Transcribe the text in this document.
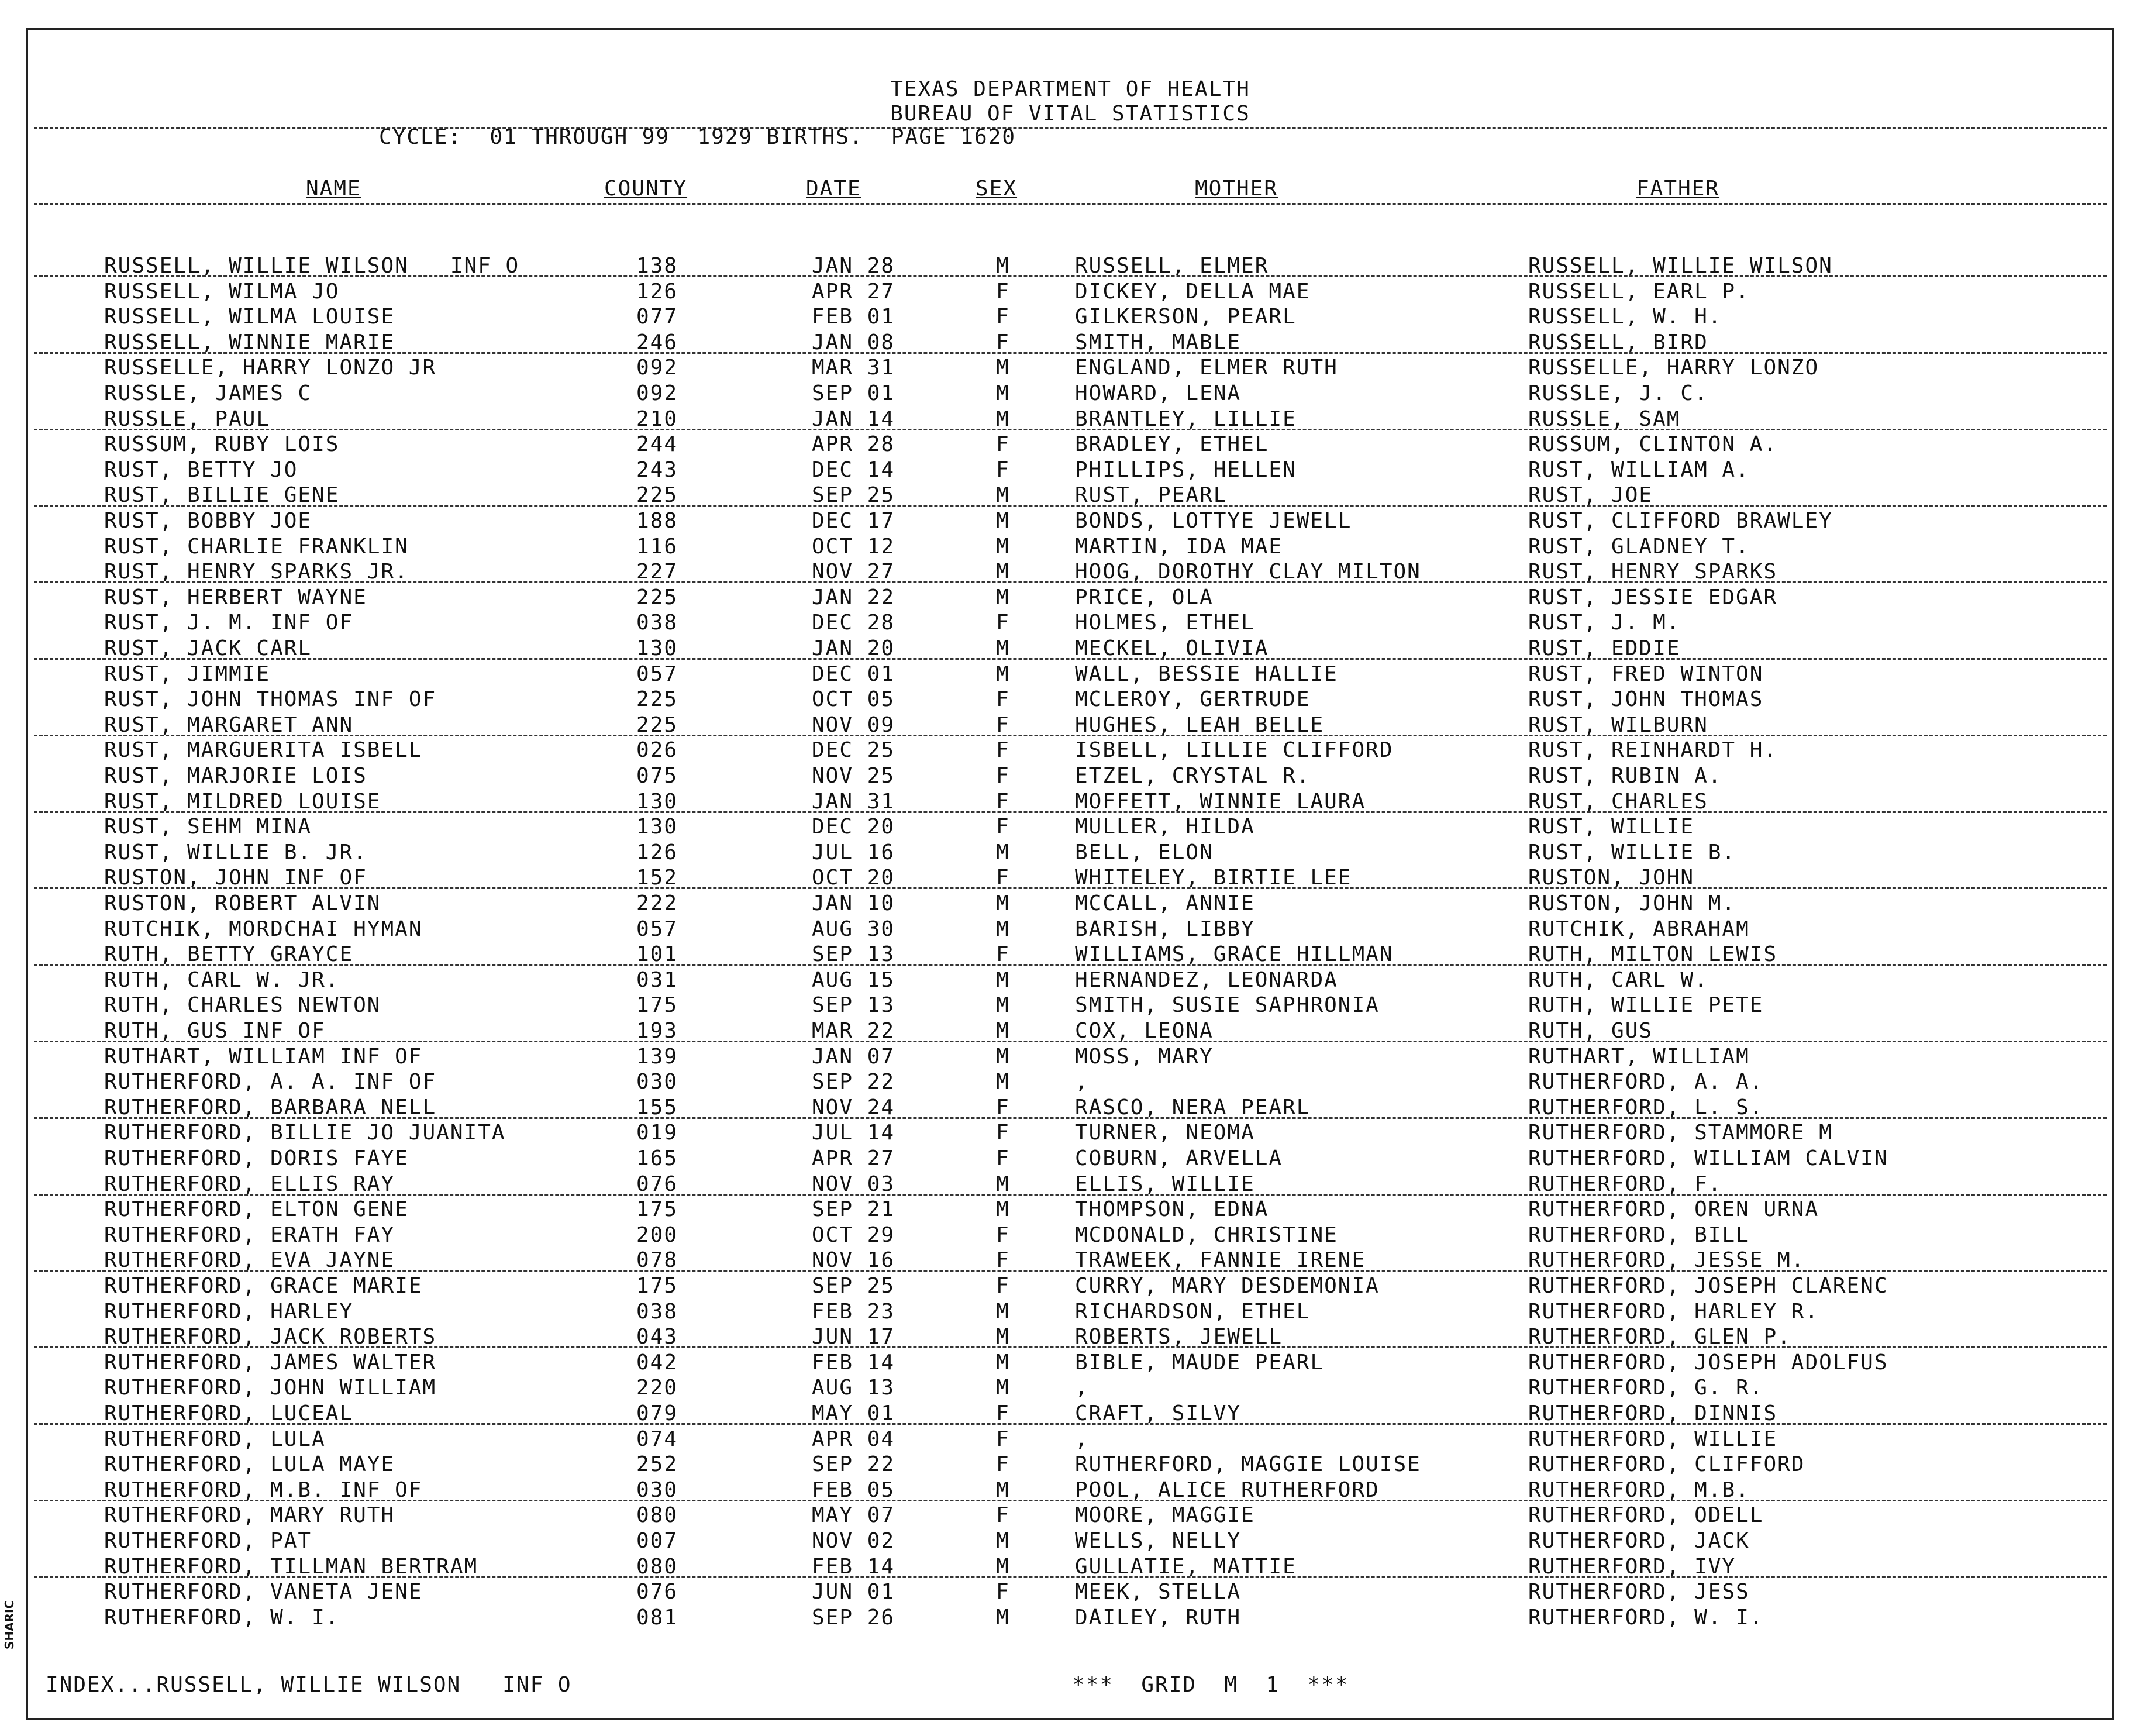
TEXAS DEPARTMENT OF HEALTH
BUREAU OF VITAL STATISTICS
CYCLE:  01 THROUGH 99  1929 BIRTHS.  PAGE 1620
NAME	COUNTY	DATE	SEX	MOTHER	FATHER
RUSSELL, WILLIE WILSON   INF O	138	JAN 28	M	RUSSELL, ELMER	RUSSELL, WILLIE WILSON
RUSSELL, WILMA JO	126	APR 27	F	DICKEY, DELLA MAE	RUSSELL, EARL P.
RUSSELL, WILMA LOUISE	077	FEB 01	F	GILKERSON, PEARL	RUSSELL, W. H.
RUSSELL, WINNIE MARIE	246	JAN 08	F	SMITH, MABLE	RUSSELL, BIRD
RUSSELLE, HARRY LONZO JR	092	MAR 31	M	ENGLAND, ELMER RUTH	RUSSELLE, HARRY LONZO
RUSSLE, JAMES C	092	SEP 01	M	HOWARD, LENA	RUSSLE, J. C.
RUSSLE, PAUL	210	JAN 14	M	BRANTLEY, LILLIE	RUSSLE, SAM
RUSSUM, RUBY LOIS	244	APR 28	F	BRADLEY, ETHEL	RUSSUM, CLINTON A.
RUST, BETTY JO	243	DEC 14	F	PHILLIPS, HELLEN	RUST, WILLIAM A.
RUST, BILLIE GENE	225	SEP 25	M	RUST, PEARL	RUST, JOE
RUST, BOBBY JOE	188	DEC 17	M	BONDS, LOTTYE JEWELL	RUST, CLIFFORD BRAWLEY
RUST, CHARLIE FRANKLIN	116	OCT 12	M	MARTIN, IDA MAE	RUST, GLADNEY T.
RUST, HENRY SPARKS JR.	227	NOV 27	M	HOOG, DOROTHY CLAY MILTON	RUST, HENRY SPARKS
RUST, HERBERT WAYNE	225	JAN 22	M	PRICE, OLA	RUST, JESSIE EDGAR
RUST, J. M. INF OF	038	DEC 28	F	HOLMES, ETHEL	RUST, J. M.
RUST, JACK CARL	130	JAN 20	M	MECKEL, OLIVIA	RUST, EDDIE
RUST, JIMMIE	057	DEC 01	M	WALL, BESSIE HALLIE	RUST, FRED WINTON
RUST, JOHN THOMAS INF OF	225	OCT 05	F	MCLEROY, GERTRUDE	RUST, JOHN THOMAS
RUST, MARGARET ANN	225	NOV 09	F	HUGHES, LEAH BELLE	RUST, WILBURN
RUST, MARGUERITA ISBELL	026	DEC 25	F	ISBELL, LILLIE CLIFFORD	RUST, REINHARDT H.
RUST, MARJORIE LOIS	075	NOV 25	F	ETZEL, CRYSTAL R.	RUST, RUBIN A.
RUST, MILDRED LOUISE	130	JAN 31	F	MOFFETT, WINNIE LAURA	RUST, CHARLES
RUST, SEHM MINA	130	DEC 20	F	MULLER, HILDA	RUST, WILLIE
RUST, WILLIE B. JR.	126	JUL 16	M	BELL, ELON	RUST, WILLIE B.
RUSTON, JOHN INF OF	152	OCT 20	F	WHITELEY, BIRTIE LEE	RUSTON, JOHN
RUSTON, ROBERT ALVIN	222	JAN 10	M	MCCALL, ANNIE	RUSTON, JOHN M.
RUTCHIK, MORDCHAI HYMAN	057	AUG 30	M	BARISH, LIBBY	RUTCHIK, ABRAHAM
RUTH, BETTY GRAYCE	101	SEP 13	F	WILLIAMS, GRACE HILLMAN	RUTH, MILTON LEWIS
RUTH, CARL W. JR.	031	AUG 15	M	HERNANDEZ, LEONARDA	RUTH, CARL W.
RUTH, CHARLES NEWTON	175	SEP 13	M	SMITH, SUSIE SAPHRONIA	RUTH, WILLIE PETE
RUTH, GUS INF OF	193	MAR 22	M	COX, LEONA	RUTH, GUS
RUTHART, WILLIAM INF OF	139	JAN 07	M	MOSS, MARY	RUTHART, WILLIAM
RUTHERFORD, A. A. INF OF	030	SEP 22	M	,	RUTHERFORD, A. A.
RUTHERFORD, BARBARA NELL	155	NOV 24	F	RASCO, NERA PEARL	RUTHERFORD, L. S.
RUTHERFORD, BILLIE JO JUANITA	019	JUL 14	F	TURNER, NEOMA	RUTHERFORD, STAMMORE M
RUTHERFORD, DORIS FAYE	165	APR 27	F	COBURN, ARVELLA	RUTHERFORD, WILLIAM CALVIN
RUTHERFORD, ELLIS RAY	076	NOV 03	M	ELLIS, WILLIE	RUTHERFORD, F.
RUTHERFORD, ELTON GENE	175	SEP 21	M	THOMPSON, EDNA	RUTHERFORD, OREN URNA
RUTHERFORD, ERATH FAY	200	OCT 29	F	MCDONALD, CHRISTINE	RUTHERFORD, BILL
RUTHERFORD, EVA JAYNE	078	NOV 16	F	TRAWEEK, FANNIE IRENE	RUTHERFORD, JESSE M.
RUTHERFORD, GRACE MARIE	175	SEP 25	F	CURRY, MARY DESDEMONIA	RUTHERFORD, JOSEPH CLARENC
RUTHERFORD, HARLEY	038	FEB 23	M	RICHARDSON, ETHEL	RUTHERFORD, HARLEY R.
RUTHERFORD, JACK ROBERTS	043	JUN 17	M	ROBERTS, JEWELL	RUTHERFORD, GLEN P.
RUTHERFORD, JAMES WALTER	042	FEB 14	M	BIBLE, MAUDE PEARL	RUTHERFORD, JOSEPH ADOLFUS
RUTHERFORD, JOHN WILLIAM	220	AUG 13	M	,	RUTHERFORD, G. R.
RUTHERFORD, LUCEAL	079	MAY 01	F	CRAFT, SILVY	RUTHERFORD, DINNIS
RUTHERFORD, LULA	074	APR 04	F	,	RUTHERFORD, WILLIE
RUTHERFORD, LULA MAYE	252	SEP 22	F	RUTHERFORD, MAGGIE LOUISE	RUTHERFORD, CLIFFORD
RUTHERFORD, M.B. INF OF	030	FEB 05	M	POOL, ALICE RUTHERFORD	RUTHERFORD, M.B.
RUTHERFORD, MARY RUTH	080	MAY 07	F	MOORE, MAGGIE	RUTHERFORD, ODELL
RUTHERFORD, PAT	007	NOV 02	M	WELLS, NELLY	RUTHERFORD, JACK
RUTHERFORD, TILLMAN BERTRAM	080	FEB 14	M	GULLATIE, MATTIE	RUTHERFORD, IVY
RUTHERFORD, VANETA JENE	076	JUN 01	F	MEEK, STELLA	RUTHERFORD, JESS
RUTHERFORD, W. I.	081	SEP 26	M	DAILEY, RUTH	RUTHERFORD, W. I.
INDEX...RUSSELL, WILLIE WILSON   INF O	***  GRID  M  1  ***
SHARIC
